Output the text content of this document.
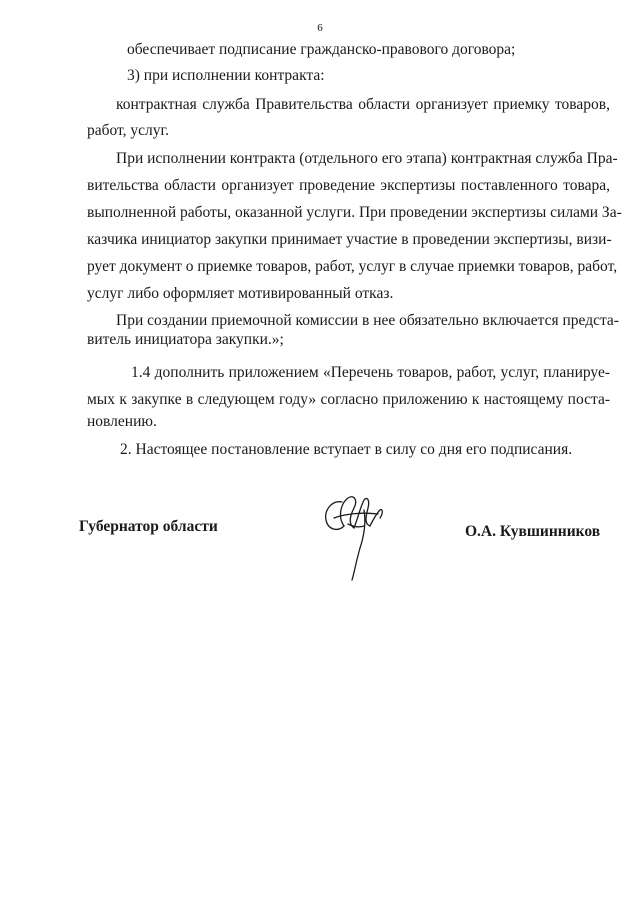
6
обеспечивает подписание гражданско-правового договора;
3) при исполнении контракта:
контрактная служба Правительства области организует приемку товаров,
работ, услуг.
При исполнении контракта (отдельного его этапа) контрактная служба Пра-
вительства области организует проведение экспертизы поставленного товара,
выполненной работы, оказанной услуги. При проведении экспертизы силами За-
казчика инициатор закупки принимает участие в проведении экспертизы, визи-
рует документ о приемке товаров, работ, услуг в случае приемки товаров, работ,
услуг либо оформляет мотивированный отказ.
При создании приемочной комиссии в нее обязательно включается предста-
витель инициатора закупки.»;
1.4 дополнить приложением «Перечень товаров, работ, услуг, планируе-
мых к закупке в следующем году» согласно приложению к настоящему поста-
новлению.
2. Настоящее постановление вступает в силу со дня его подписания.
Губернатор области	О.А. Кувшинников
